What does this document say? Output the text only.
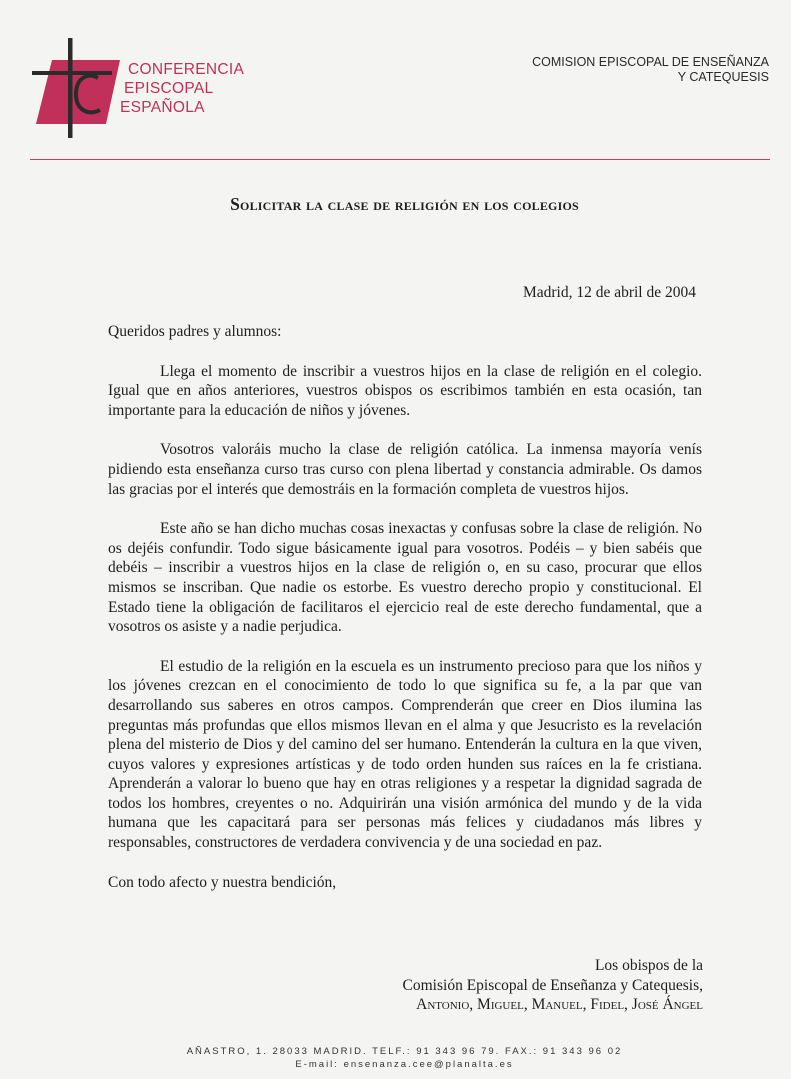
CONFERENCIA
EPISCOPAL
ESPAÑOLA
COMISION EPISCOPAL DE ENSEÑANZA
Y CATEQUESIS
Solicitar la clase de religión en los colegios
Madrid, 12 de abril de 2004

Queridos padres y alumnos:

Llega el momento de inscribir a vuestros hijos en la clase de religión en el colegio. Igual que en años anteriores, vuestros obispos os escribimos también en esta ocasión, tan importante para la educación de niños y jóvenes.

Vosotros valoráis mucho la clase de religión católica. La inmensa mayoría venís pidiendo esta enseñanza curso tras curso con plena libertad y constancia admirable. Os damos las gracias por el interés que demostráis en la formación completa de vuestros hijos.

Este año se han dicho muchas cosas inexactas y confusas sobre la clase de religión. No os dejéis confundir. Todo sigue básicamente igual para vosotros. Podéis – y bien sabéis que debéis – inscribir a vuestros hijos en la clase de religión o, en su caso, procurar que ellos mismos se inscriban. Que nadie os estorbe. Es vuestro derecho propio y constitucional. El Estado tiene la obligación de facilitaros el ejercicio real de este derecho fundamental, que a vosotros os asiste y a nadie perjudica.

El estudio de la religión en la escuela es un instrumento precioso para que los niños y los jóvenes crezcan en el conocimiento de todo lo que significa su fe, a la par que van desarrollando sus saberes en otros campos. Comprenderán que creer en Dios ilumina las preguntas más profundas que ellos mismos llevan en el alma y que Jesucristo es la revelación plena del misterio de Dios y del camino del ser humano. Entenderán la cultura en la que viven, cuyos valores y expresiones artísticas y de todo orden hunden sus raíces en la fe cristiana. Aprenderán a valorar lo bueno que hay en otras religiones y a respetar la dignidad sagrada de todos los hombres, creyentes o no. Adquirirán una visión armónica del mundo y de la vida humana que les capacitará para ser personas más felices y ciudadanos más libres y responsables, constructores de verdadera convivencia y de una sociedad en paz.

Con todo afecto y nuestra bendición,

Los obispos de la
Comisión Episcopal de Enseñanza y Catequesis,
Antonio, Miguel, Manuel, Fidel, José Ángel
AÑASTRO, 1. 28033 MADRID. TELF.: 91 343 96 79. FAX.: 91 343 96 02
E-mail: ensenanza.cee@planalta.es
